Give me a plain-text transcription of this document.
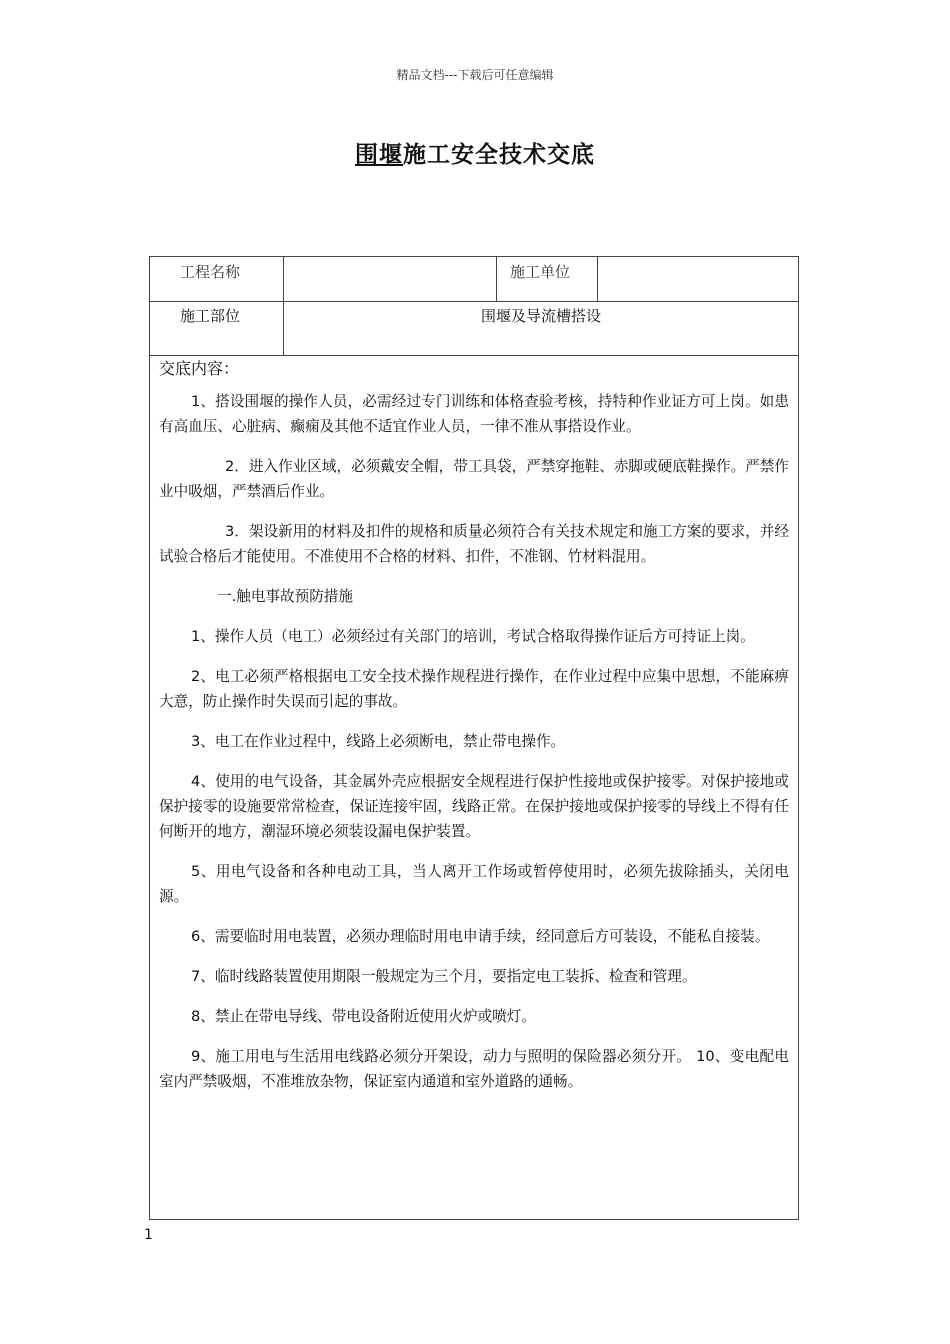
精品文档---下载后可任意编辑
围堰施工安全技术交底
工程名称	施工单位
施工部位	围堰及导流槽搭设
交底内容：

1、搭设围堰的操作人员，必需经过专门训练和体格查验考核，持特种作业证方可上岗。如患有高血压、心脏病、癫痫及其他不适宜作业人员，一律不准从事搭设作业。

2．进入作业区域，必须戴安全帽，带工具袋，严禁穿拖鞋、赤脚或硬底鞋操作。严禁作业中吸烟，严禁酒后作业。

3．架设新用的材料及扣件的规格和质量必须符合有关技术规定和施工方案的要求，并经试验合格后才能使用。不准使用不合格的材料、扣件，不准钢、竹材料混用。

一.触电事故预防措施

1、操作人员（电工）必须经过有关部门的培训，考试合格取得操作证后方可持证上岗。

2、电工必须严格根据电工安全技术操作规程进行操作，在作业过程中应集中思想，不能麻痹大意，防止操作时失误而引起的事故。

3、电工在作业过程中，线路上必须断电，禁止带电操作。

4、使用的电气设备，其金属外壳应根据安全规程进行保护性接地或保护接零。对保护接地或保护接零的设施要常常检查，保证连接牢固，线路正常。在保护接地或保护接零的导线上不得有任何断开的地方，潮湿环境必须装设漏电保护装置。

5、用电气设备和各种电动工具，当人离开工作场或暂停使用时，必须先拔除插头，关闭电源。

6、需要临时用电装置，必须办理临时用电申请手续，经同意后方可装设，不能私自接装。

7、临时线路装置使用期限一般规定为三个月，要指定电工装拆、检查和管理。

8、禁止在带电导线、带电设备附近使用火炉或喷灯。

9、施工用电与生活用电线路必须分开架设，动力与照明的保险器必须分开。 10、变电配电室内严禁吸烟，不准堆放杂物，保证室内通道和室外道路的通畅。

1
